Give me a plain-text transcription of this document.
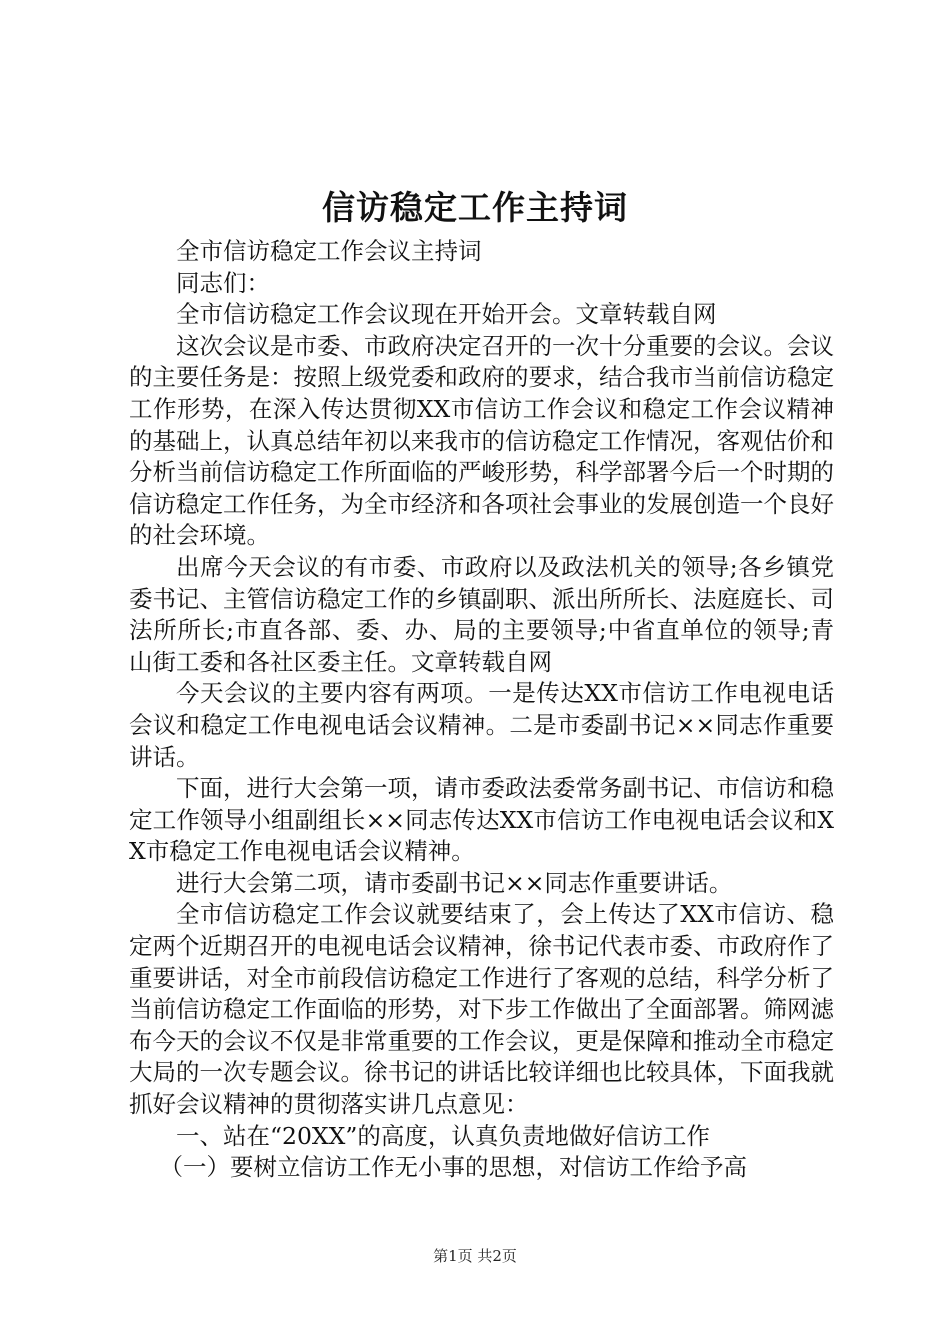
信访稳定工作主持词

全市信访稳定工作会议主持词

同志们：

全市信访稳定工作会议现在开始开会。文章转载自网

这次会议是市委、市政府决定召开的一次十分重要的会议。会议的主要任务是：按照上级党委和政府的要求，结合我市当前信访稳定工作形势，在深入传达贯彻XX市信访工作会议和稳定工作会议精神的基础上，认真总结年初以来我市的信访稳定工作情况，客观估价和分析当前信访稳定工作所面临的严峻形势，科学部署今后一个时期的信访稳定工作任务，为全市经济和各项社会事业的发展创造一个良好的社会环境。

出席今天会议的有市委、市政府以及政法机关的领导;各乡镇党委书记、主管信访稳定工作的乡镇副职、派出所所长、法庭庭长、司法所所长;市直各部、委、办、局的主要领导;中省直单位的领导;青山街工委和各社区委主任。文章转载自网

今天会议的主要内容有两项。一是传达XX市信访工作电视电话会议和稳定工作电视电话会议精神。二是市委副书记××同志作重要讲话。

下面，进行大会第一项，请市委政法委常务副书记、市信访和稳定工作领导小组副组长××同志传达XX市信访工作电视电话会议和XX市稳定工作电视电话会议精神。

进行大会第二项，请市委副书记××同志作重要讲话。

全市信访稳定工作会议就要结束了，会上传达了XX市信访、稳定两个近期召开的电视电话会议精神，徐书记代表市委、市政府作了重要讲话，对全市前段信访稳定工作进行了客观的总结，科学分析了当前信访稳定工作面临的形势，对下步工作做出了全面部署。筛网滤布今天的会议不仅是非常重要的工作会议，更是保障和推动全市稳定大局的一次专题会议。徐书记的讲话比较详细也比较具体，下面我就抓好会议精神的贯彻落实讲几点意见：

一、站在“20XX”的高度，认真负责地做好信访工作

（一）要树立信访工作无小事的思想，对信访工作给予高

第1页 共2页
